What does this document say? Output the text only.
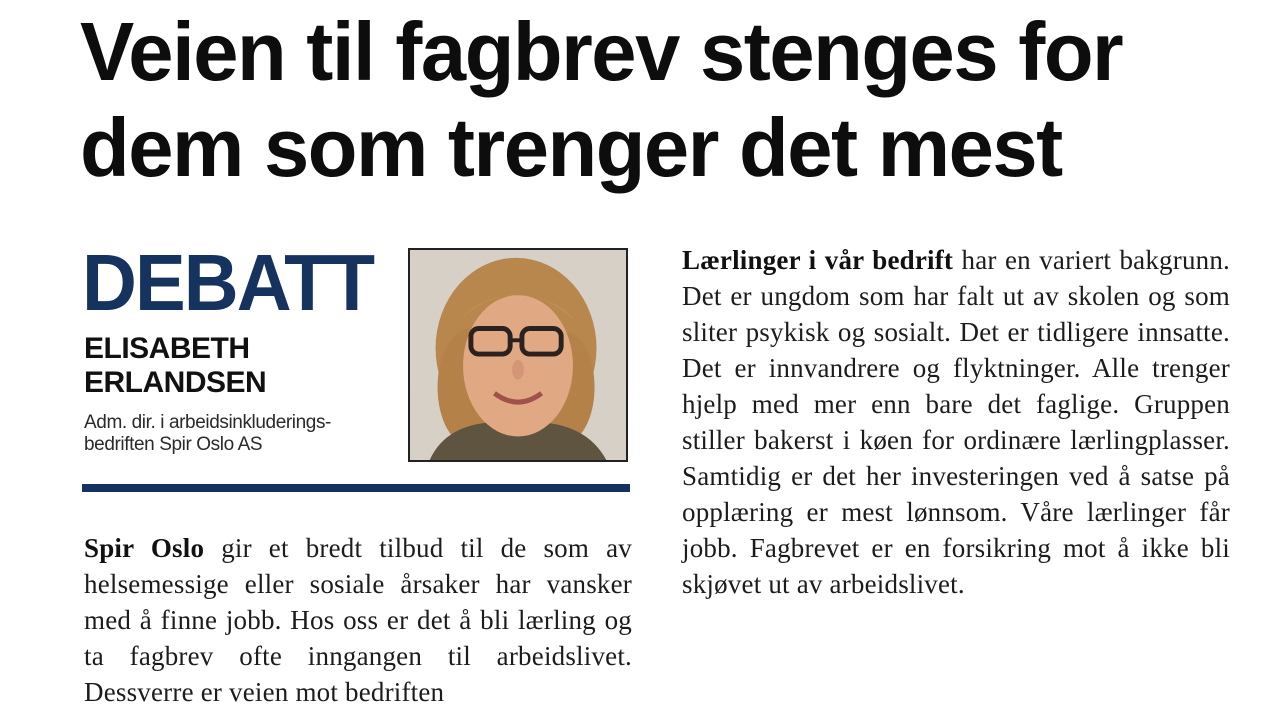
Veien til fagbrev stenges for
dem som trenger det mest
DEBATT
ELISABETH
ERLANDSEN
Adm. dir. i arbeidsinkluderings-
bedriften Spir Oslo AS

Spir Oslo gir et bredt tilbud til de som av helsemessige eller sosiale årsaker har vansker med å finne jobb. Hos oss er det å bli lærling og ta fagbrev ofte inngangen til arbeidslivet. Dessverre er veien mot bedriften

Lærlinger i vår bedrift har en variert bakgrunn. Det er ungdom som har falt ut av skolen og som sliter psykisk og sosialt. Det er tidligere innsatte. Det er innvandrere og flyktninger. Alle trenger hjelp med mer enn bare det faglige. Gruppen stiller bakerst i køen for ordinære lærlingplasser. Samtidig er det her investeringen ved å satse på opplæring er mest lønnsom. Våre lærlinger får jobb. Fagbrevet er en forsikring mot å ikke bli skjøvet ut av arbeidslivet.
